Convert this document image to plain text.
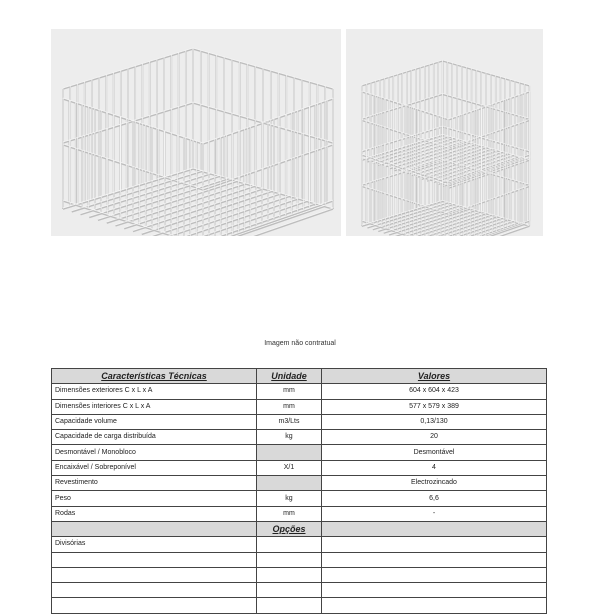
Imagem não contratual
Características Técnicas	Unidade	Valores
Dimensões exteriores C x L x A	mm	604 x 604 x 423
Dimensões interiores C x L x A	mm	577 x 579 x 389
Capacidade volume	m3/Lts	0,13/130
Capacidade de carga distribuída	kg	20
Desmontável / Monobloco		Desmontável
Encaixável / Sobreponível	X/1	4
Revestimento		Electrozincado
Peso	kg	6,6
Rodas	mm	-
	Opções	
Divisórias		
